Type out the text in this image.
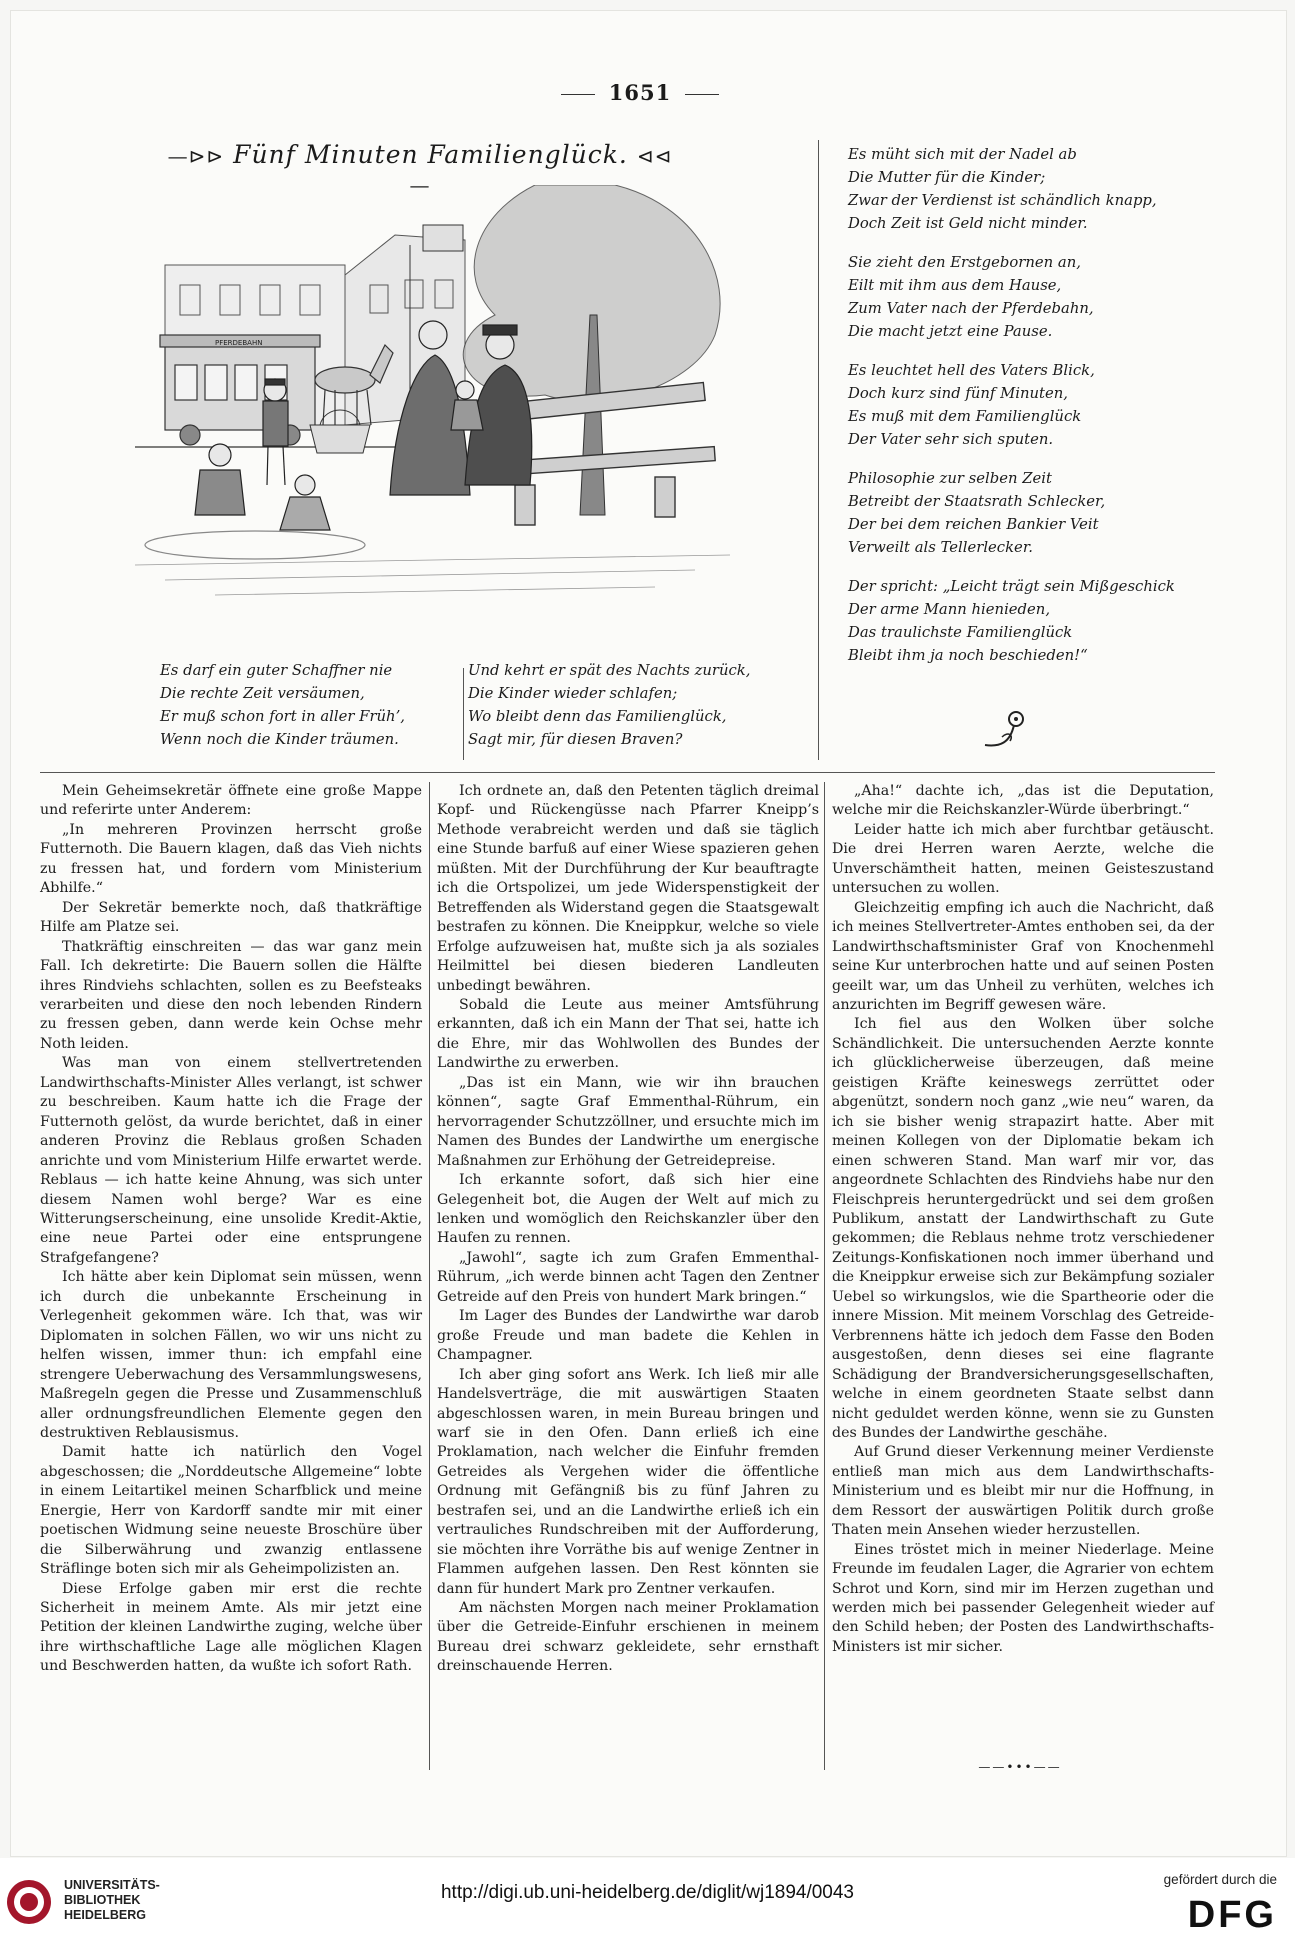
1651
—⊳⊳ Fünf Minuten Familienglück. ⊲⊲—
PFERDEBAHN
Es müht sich mit der Nadel ab
Die Mutter für die Kinder;
Zwar der Verdienst ist schändlich knapp,
Doch Zeit ist Geld nicht minder.
Sie zieht den Erstgebornen an,
Eilt mit ihm aus dem Hause,
Zum Vater nach der Pferdebahn,
Die macht jetzt eine Pause.
Es leuchtet hell des Vaters Blick,
Doch kurz sind fünf Minuten,
Es muß mit dem Familienglück
Der Vater sehr sich sputen.
Philosophie zur selben Zeit
Betreibt der Staatsrath Schlecker,
Der bei dem reichen Bankier Veit
Verweilt als Tellerlecker.
Der spricht: „Leicht trägt sein Mißgeschick
Der arme Mann hienieden,
Das traulichste Familienglück
Bleibt ihm ja noch beschieden!“
Es darf ein guter Schaffner nie
Die rechte Zeit versäumen,
Er muß schon fort in aller Früh’,
Wenn noch die Kinder träumen.
Und kehrt er spät des Nachts zurück,
Die Kinder wieder schlafen;
Wo bleibt denn das Familienglück,
Sagt mir, für diesen Braven?

Mein Geheimsekretär öffnete eine große Mappe und referirte unter Anderem:

„In mehreren Provinzen herrscht große Futternoth. Die Bauern klagen, daß das Vieh nichts zu fressen hat, und fordern vom Ministerium Abhilfe.“

Der Sekretär bemerkte noch, daß thatkräftige Hilfe am Platze sei.

Thatkräftig einschreiten — das war ganz mein Fall. Ich dekretirte: Die Bauern sollen die Hälfte ihres Rindviehs schlachten, sollen es zu Beefsteaks verarbeiten und diese den noch lebenden Rindern zu fressen geben, dann werde kein Ochse mehr Noth leiden.

Was man von einem stellvertretenden Landwirthschafts-Minister Alles verlangt, ist schwer zu beschreiben. Kaum hatte ich die Frage der Futternoth gelöst, da wurde berichtet, daß in einer anderen Provinz die Reblaus großen Schaden anrichte und vom Ministerium Hilfe erwartet werde. Reblaus — ich hatte keine Ahnung, was sich unter diesem Namen wohl berge? War es eine Witterungserscheinung, eine unsolide Kredit-Aktie, eine neue Partei oder eine entsprungene Strafgefangene?

Ich hätte aber kein Diplomat sein müssen, wenn ich durch die unbekannte Erscheinung in Verlegenheit gekommen wäre. Ich that, was wir Diplomaten in solchen Fällen, wo wir uns nicht zu helfen wissen, immer thun: ich empfahl eine strengere Ueberwachung des Versammlungswesens, Maßregeln gegen die Presse und Zusammenschluß aller ordnungsfreundlichen Elemente gegen den destruktiven Reblausismus.

Damit hatte ich natürlich den Vogel abgeschossen; die „Norddeutsche Allgemeine“ lobte in einem Leitartikel meinen Scharfblick und meine Energie, Herr von Kardorff sandte mir mit einer poetischen Widmung seine neueste Broschüre über die Silberwährung und zwanzig entlassene Sträflinge boten sich mir als Geheimpolizisten an.

Diese Erfolge gaben mir erst die rechte Sicherheit in meinem Amte. Als mir jetzt eine Petition der kleinen Landwirthe zuging, welche über ihre wirthschaftliche Lage alle möglichen Klagen und Beschwerden hatten, da wußte ich sofort Rath.

Ich ordnete an, daß den Petenten täglich dreimal Kopf- und Rückengüsse nach Pfarrer Kneipp’s Methode verabreicht werden und daß sie täglich eine Stunde barfuß auf einer Wiese spazieren gehen müßten. Mit der Durchführung der Kur beauftragte ich die Ortspolizei, um jede Widerspenstigkeit der Betreffenden als Widerstand gegen die Staatsgewalt bestrafen zu können. Die Kneippkur, welche so viele Erfolge aufzuweisen hat, mußte sich ja als soziales Heilmittel bei diesen biederen Landleuten unbedingt bewähren.

Sobald die Leute aus meiner Amtsführung erkannten, daß ich ein Mann der That sei, hatte ich die Ehre, mir das Wohlwollen des Bundes der Landwirthe zu erwerben.

„Das ist ein Mann, wie wir ihn brauchen können“, sagte Graf Emmenthal-Rührum, ein hervorragender Schutzzöllner, und ersuchte mich im Namen des Bundes der Landwirthe um energische Maßnahmen zur Erhöhung der Getreidepreise.

Ich erkannte sofort, daß sich hier eine Gelegenheit bot, die Augen der Welt auf mich zu lenken und womöglich den Reichskanzler über den Haufen zu rennen.

„Jawohl“, sagte ich zum Grafen Emmenthal-Rührum, „ich werde binnen acht Tagen den Zentner Getreide auf den Preis von hundert Mark bringen.“

Im Lager des Bundes der Landwirthe war darob große Freude und man badete die Kehlen in Champagner.

Ich aber ging sofort ans Werk. Ich ließ mir alle Handelsverträge, die mit auswärtigen Staaten abgeschlossen waren, in mein Bureau bringen und warf sie in den Ofen. Dann erließ ich eine Proklamation, nach welcher die Einfuhr fremden Getreides als Vergehen wider die öffentliche Ordnung mit Gefängniß bis zu fünf Jahren zu bestrafen sei, und an die Landwirthe erließ ich ein vertrauliches Rundschreiben mit der Aufforderung, sie möchten ihre Vorräthe bis auf wenige Zentner in Flammen aufgehen lassen. Den Rest könnten sie dann für hundert Mark pro Zentner verkaufen.

Am nächsten Morgen nach meiner Proklamation über die Getreide-Einfuhr erschienen in meinem Bureau drei schwarz gekleidete, sehr ernsthaft dreinschauende Herren.

„Aha!“ dachte ich, „das ist die Deputation, welche mir die Reichskanzler-Würde überbringt.“

Leider hatte ich mich aber furchtbar getäuscht. Die drei Herren waren Aerzte, welche die Unverschämtheit hatten, meinen Geisteszustand untersuchen zu wollen.

Gleichzeitig empfing ich auch die Nachricht, daß ich meines Stellvertreter-Amtes enthoben sei, da der Landwirthschaftsminister Graf von Knochenmehl seine Kur unterbrochen hatte und auf seinen Posten geeilt war, um das Unheil zu verhüten, welches ich anzurichten im Begriff gewesen wäre.

Ich fiel aus den Wolken über solche Schändlichkeit. Die untersuchenden Aerzte konnte ich glücklicherweise überzeugen, daß meine geistigen Kräfte keineswegs zerrüttet oder abgenützt, sondern noch ganz „wie neu“ waren, da ich sie bisher wenig strapazirt hatte. Aber mit meinen Kollegen von der Diplomatie bekam ich einen schweren Stand. Man warf mir vor, das angeordnete Schlachten des Rindviehs habe nur den Fleischpreis heruntergedrückt und sei dem großen Publikum, anstatt der Landwirthschaft zu Gute gekommen; die Reblaus nehme trotz verschiedener Zeitungs-Konfiskationen noch immer überhand und die Kneippkur erweise sich zur Bekämpfung sozialer Uebel so wirkungslos, wie die Spartheorie oder die innere Mission. Mit meinem Vorschlag des Getreide-Verbrennens hätte ich jedoch dem Fasse den Boden ausgestoßen, denn dieses sei eine flagrante Schädigung der Brandversicherungsgesellschaften, welche in einem geordneten Staate selbst dann nicht geduldet werden könne, wenn sie zu Gunsten des Bundes der Landwirthe geschähe.

Auf Grund dieser Verkennung meiner Verdienste entließ man mich aus dem Landwirthschafts-Ministerium und es bleibt mir nur die Hoffnung, in dem Ressort der auswärtigen Politik durch große Thaten mein Ansehen wieder herzustellen.

Eines tröstet mich in meiner Niederlage. Meine Freunde im feudalen Lager, die Agrarier von echtem Schrot und Korn, sind mir im Herzen zugethan und werden mich bei passender Gelegenheit wieder auf den Schild heben; der Posten des Landwirthschafts-Ministers ist mir sicher.

——•••——
UNIVERSITÄTS-
BIBLIOTHEK
HEIDELBERG
http://digi.ub.uni-heidelberg.de/diglit/wj1894/0043
gefördert durch die
DFG
